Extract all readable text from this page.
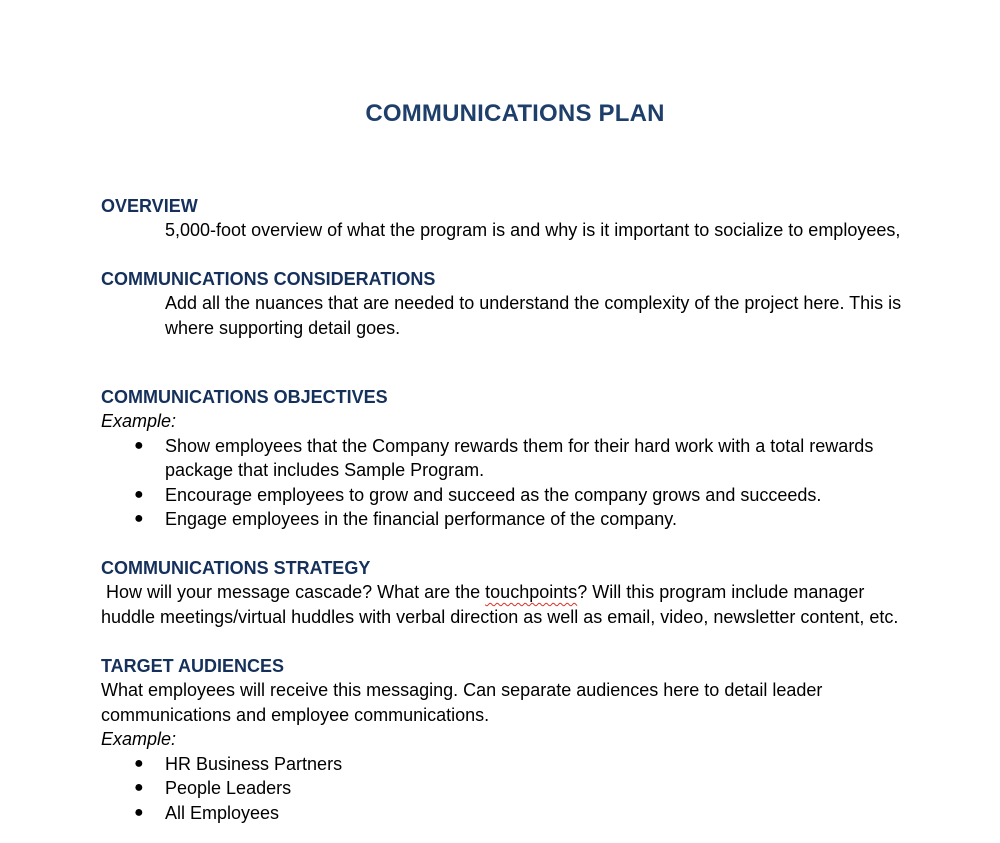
COMMUNICATIONS PLAN
OVERVIEW
5,000-foot overview of what the program is and why is it important to socialize to employees,
COMMUNICATIONS CONSIDERATIONS
Add all the nuances that are needed to understand the complexity of the project here. This is
where supporting detail goes.
COMMUNICATIONS OBJECTIVES
Example:
● Show employees that the Company rewards them for their hard work with a total rewards
package that includes Sample Program.
● Encourage employees to grow and succeed as the company grows and succeeds.
● Engage employees in the financial performance of the company.
COMMUNICATIONS STRATEGY
How will your message cascade? What are the touchpoints? Will this program include manager
huddle meetings/virtual huddles with verbal direction as well as email, video, newsletter content, etc.
TARGET AUDIENCES
What employees will receive this messaging. Can separate audiences here to detail leader
communications and employee communications.
Example:
● HR Business Partners
● People Leaders
● All Employees
